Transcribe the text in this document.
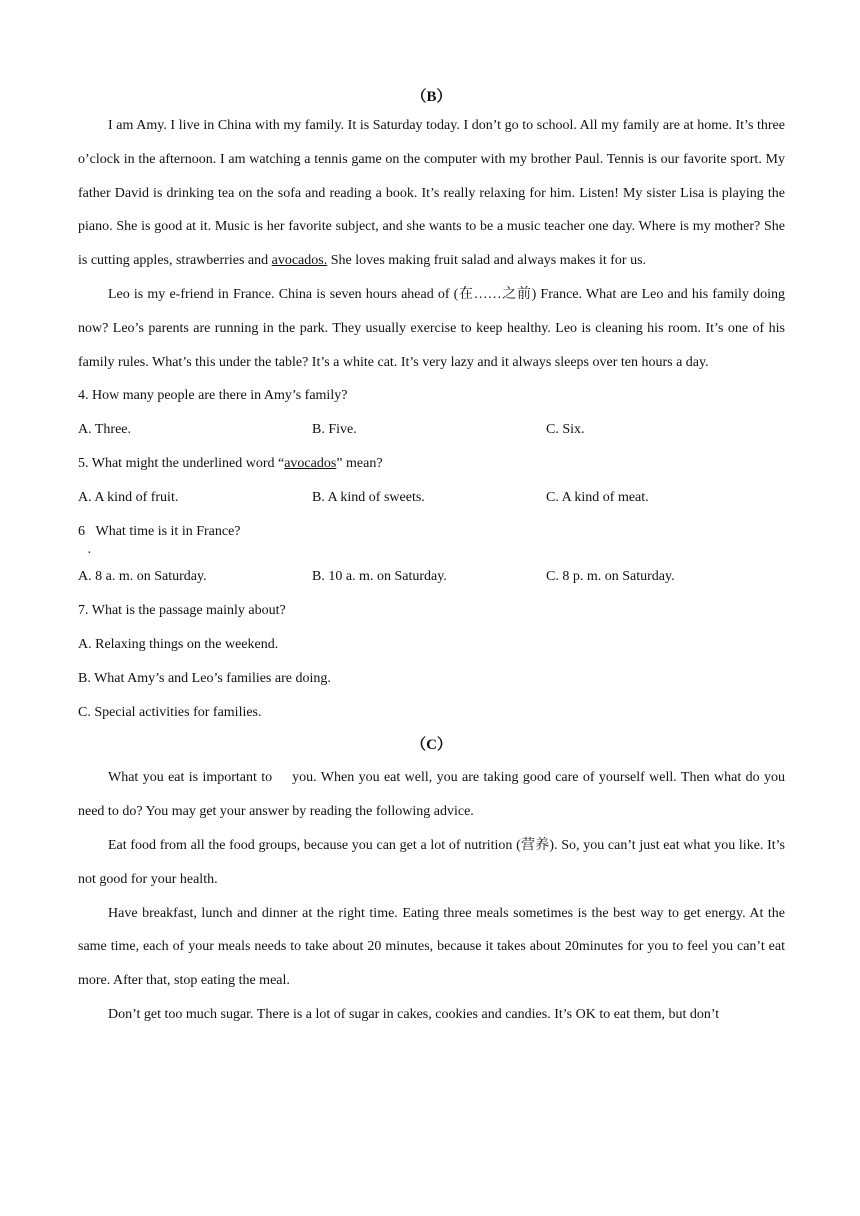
（B）

I am Amy. I live in China with my family. It is Saturday today. I don’t go to school. All my family are at home. It’s three o’clock in the afternoon. I am watching a tennis game on the computer with my brother Paul. Tennis is our favorite sport. My father David is drinking tea on the sofa and reading a book. It’s really relaxing for him. Listen! My sister Lisa is playing the piano. She is good at it. Music is her favorite subject, and she wants to be a music teacher one day. Where is my mother? She is cutting apples, strawberries and avocados. She loves making fruit salad and always makes it for us.

Leo is my e-friend in France. China is seven hours ahead of (在……之前) France. What are Leo and his family doing now? Leo’s parents are running in the park. They usually exercise to keep healthy. Leo is cleaning his room. It’s one of his family rules. What’s this under the table? It’s a white cat. It’s very lazy and it always sleeps over ten hours a day.

4. How many people are there in Amy’s family?

A. Three.	B. Five.	C. Six.

5. What might the underlined word “avocados” mean?

A. A kind of fruit.	B. A kind of sweets.	C. A kind of meat.

6 What time is it in France?

·
A. 8 a. m. on Saturday.	B. 10 a. m. on Saturday.	C. 8 p. m. on Saturday.

7. What is the passage mainly about?

A. Relaxing things on the weekend.

B. What Amy’s and Leo’s families are doing.

C. Special activities for families.

（C）

What you eat is important to you. When you eat well, you are taking good care of yourself well. Then what do you need to do? You may get your answer by reading the following advice.

Eat food from all the food groups, because you can get a lot of nutrition (营养). So, you can’t just eat what you like. It’s not good for your health.

Have breakfast, lunch and dinner at the right time. Eating three meals sometimes is the best way to get energy. At the same time, each of your meals needs to take about 20 minutes, because it takes about 20minutes for you to feel you can’t eat more. After that, stop eating the meal.

Don’t get too much sugar. There is a lot of sugar in cakes, cookies and candies. It’s OK to eat them, but don’t
